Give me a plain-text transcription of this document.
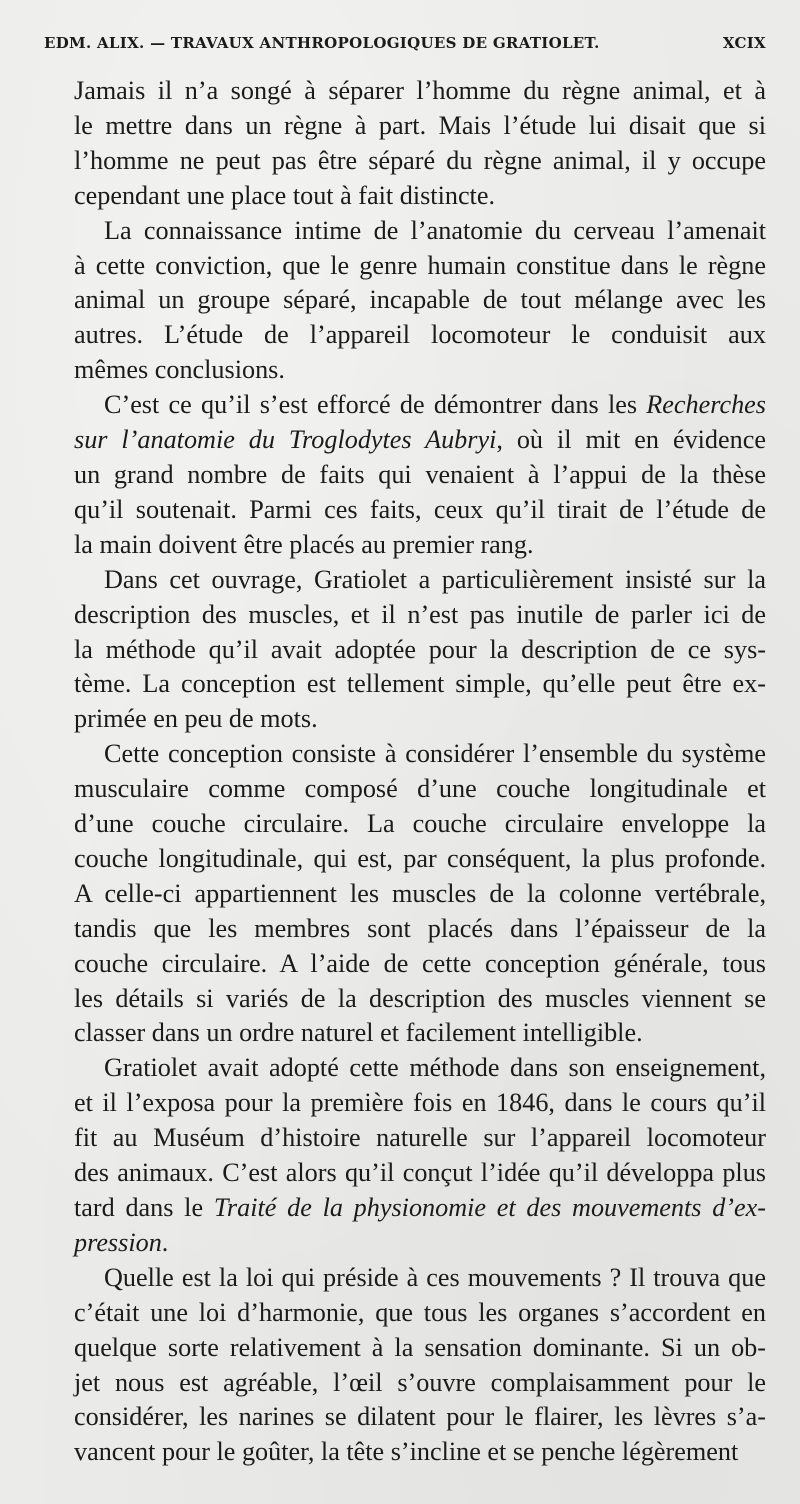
EDM. ALIX. — TRAVAUX ANTHROPOLOGIQUES DE GRATIOLET.	XCIX
Jamais il n’a songé à séparer l’homme du règne animal, et à
le mettre dans un règne à part. Mais l’étude lui disait que si
l’homme ne peut pas être séparé du règne animal, il y occupe
cependant une place tout à fait distincte.
La connaissance intime de l’anatomie du cerveau l’amenait
à cette conviction, que le genre humain constitue dans le règne
animal un groupe séparé, incapable de tout mélange avec les
autres. L’étude de l’appareil locomoteur le conduisit aux
mêmes conclusions.
C’est ce qu’il s’est efforcé de démontrer dans les Recherches
sur l’anatomie du Troglodytes Aubryi, où il mit en évidence
un grand nombre de faits qui venaient à l’appui de la thèse
qu’il soutenait. Parmi ces faits, ceux qu’il tirait de l’étude de
la main doivent être placés au premier rang.
Dans cet ouvrage, Gratiolet a particulièrement insisté sur la
description des muscles, et il n’est pas inutile de parler ici de
la méthode qu’il avait adoptée pour la description de ce sys-
tème. La conception est tellement simple, qu’elle peut être ex-
primée en peu de mots.
Cette conception consiste à considérer l’ensemble du système
musculaire comme composé d’une couche longitudinale et
d’une couche circulaire. La couche circulaire enveloppe la
couche longitudinale, qui est, par conséquent, la plus profonde.
A celle-ci appartiennent les muscles de la colonne vertébrale,
tandis que les membres sont placés dans l’épaisseur de la
couche circulaire. A l’aide de cette conception générale, tous
les détails si variés de la description des muscles viennent se
classer dans un ordre naturel et facilement intelligible.
Gratiolet avait adopté cette méthode dans son enseignement,
et il l’exposa pour la première fois en 1846, dans le cours qu’il
fit au Muséum d’histoire naturelle sur l’appareil locomoteur
des animaux. C’est alors qu’il conçut l’idée qu’il développa plus
tard dans le Traité de la physionomie et des mouvements d’ex-
pression.
Quelle est la loi qui préside à ces mouvements ? Il trouva que
c’était une loi d’harmonie, que tous les organes s’accordent en
quelque sorte relativement à la sensation dominante. Si un ob-
jet nous est agréable, l’œil s’ouvre complaisamment pour le
considérer, les narines se dilatent pour le flairer, les lèvres s’a-
vancent pour le goûter, la tête s’incline et se penche légèrement
